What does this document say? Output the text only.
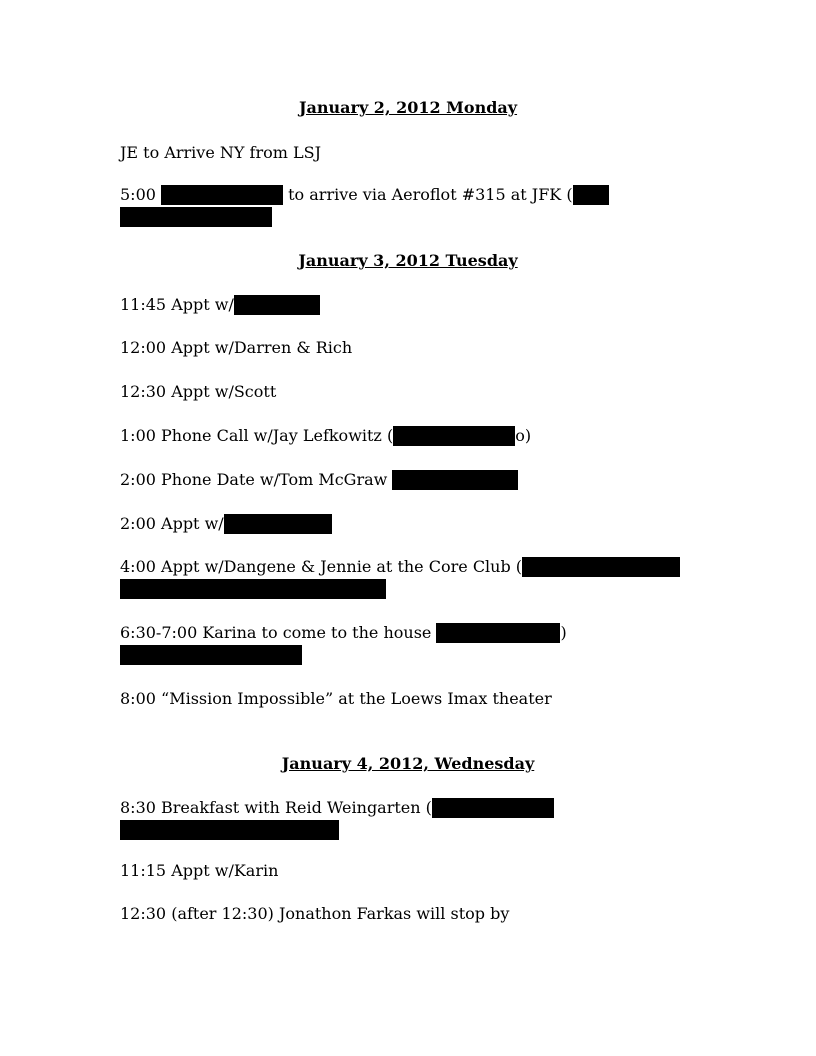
January 2, 2012 Monday
JE to Arrive NY from LSJ
5:00	to arrive via Aeroflot #315 at JFK (
January 3, 2012 Tuesday
11:45 Appt w/
12:00 Appt w/Darren & Rich
12:30 Appt w/Scott
1:00 Phone Call w/Jay Lefkowitz (	o)
2:00 Phone Date w/Tom McGraw
2:00 Appt w/
4:00 Appt w/Dangene & Jennie at the Core Club (
6:30-7:00 Karina to come to the house	)
8:00 “Mission Impossible” at the Loews Imax theater
January 4, 2012, Wednesday
8:30 Breakfast with Reid Weingarten (
11:15 Appt w/Karin
12:30 (after 12:30) Jonathon Farkas will stop by
